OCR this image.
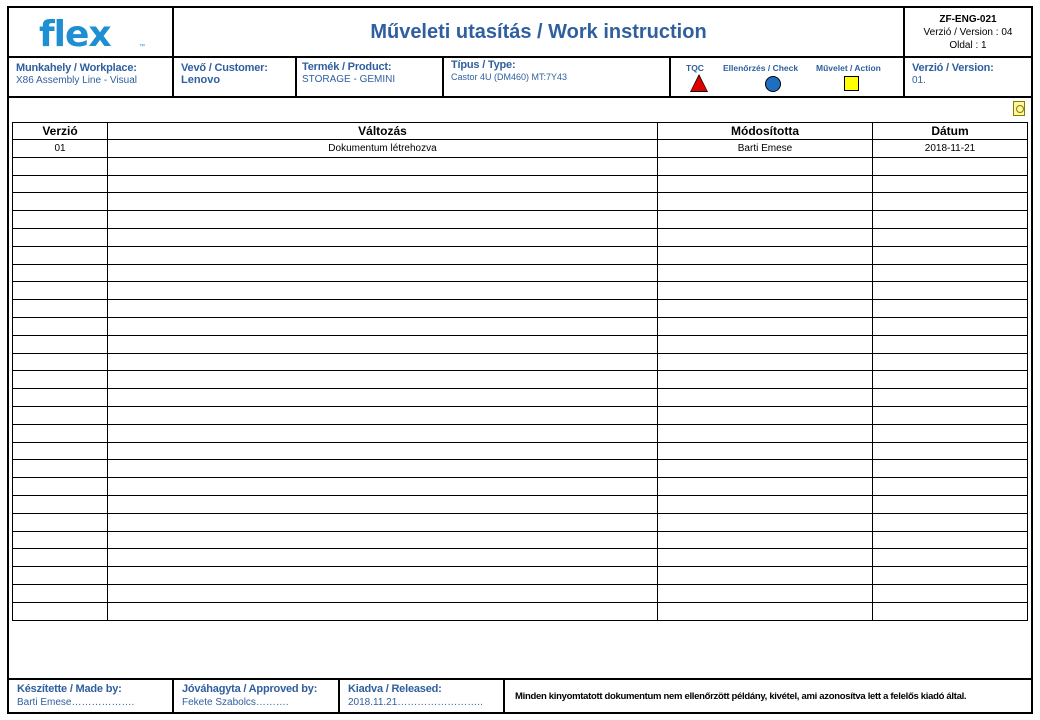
flex	™
Műveleti utasítás / Work instruction
ZF-ENG-021
Verzió / Version : 04
Oldal : 1
Munkahely / Workplace:
X86 Assembly Line - Visual
Vevő / Customer:
Lenovo
Termék / Product:
STORAGE - GEMINI
Típus / Type:
Castor 4U (DM460) MT:7Y43
TQC Ellenőrzés / Check Művelet / Action	Verzió / Version:
01.
Verzió	Változás	Módosította	Dátum
01	Dokumentum létrehozva	Barti Emese	2018-11-21

Készítette / Made by:
Barti Emese……………….
Jóváhagyta / Approved by:
Fekete Szabolcs……….
Kiadva / Released:
2018.11.21……………………..
Minden kinyomtatott dokumentum nem ellenőrzött példány, kivétel, ami azonosítva lett a felelős kiadó által.
